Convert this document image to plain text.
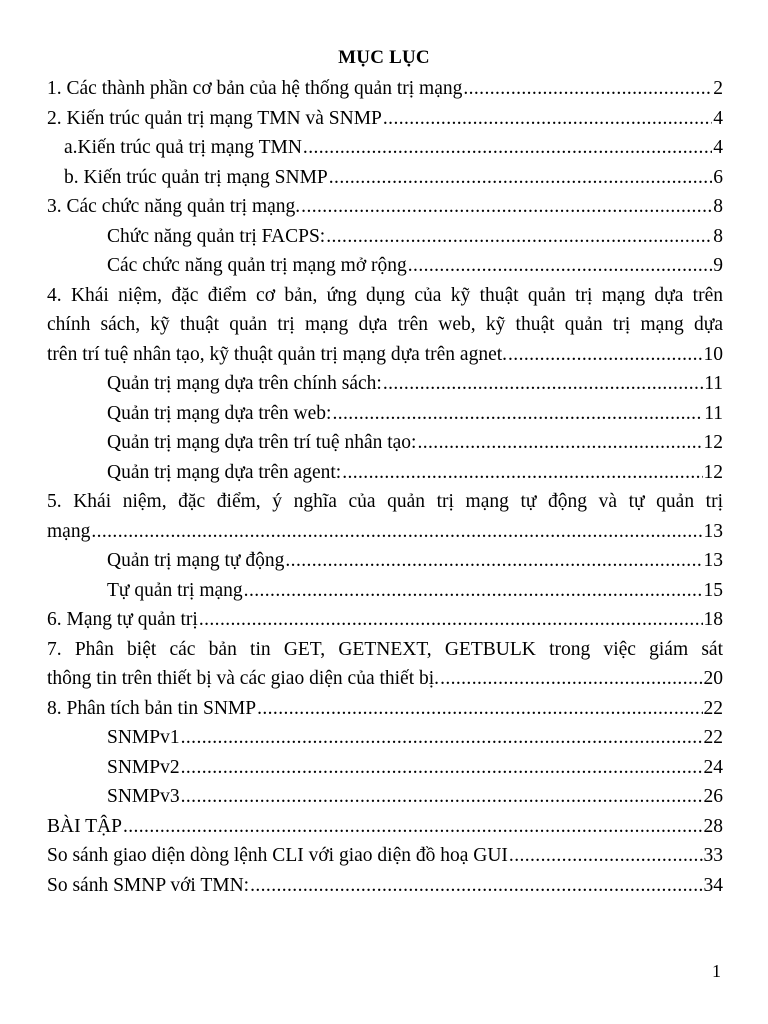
MỤC LỤC
1. Các thành phần cơ bản của hệ thống quản trị mạng .....	2
2. Kiến trúc quản trị mạng TMN và SNMP .....	4
a. Kiến trúc quả trị mạng TMN .....	4
b. Kiến trúc quản trị mạng SNMP .....	6
3. Các chức năng quản trị mạng. .....	8
Chức năng quản trị FACPS: .....	8
Các chức năng quản trị mạng mở rộng .....	9
4. Khái niệm, đặc điểm cơ bản, ứng dụng của kỹ thuật quản trị mạng dựa trên
chính sách, kỹ thuật quản trị mạng dựa trên web, kỹ thuật quản trị mạng dựa
trên trí tuệ nhân tạo, kỹ thuật quản trị mạng dựa trên agnet. .....	10
Quản trị mạng dựa trên chính sách: .....	11
Quản trị mạng dựa trên web: .....	11
Quản trị mạng dựa trên trí tuệ nhân tạo: .....	12
Quản trị mạng dựa trên agent: .....	12
5. Khái niệm, đặc điểm, ý nghĩa của quản trị mạng tự động và tự quản trị
mạng .....	13
Quản trị mạng tự động .....	13
Tự quản trị mạng .....	15
6. Mạng tự quản trị .....	18
7. Phân biệt các bản tin GET, GETNEXT, GETBULK trong việc giám sát
thông tin trên thiết bị và các giao diện của thiết bị. .....	20
8. Phân tích bản tin SNMP .....	22
SNMPv1 .....	22
SNMPv2 .....	24
SNMPv3 .....	26
BÀI TẬP .....	28
So sánh giao diện dòng lệnh CLI với giao diện đồ hoạ GUI .....	33
So sánh SMNP với TMN: .....	34
1
